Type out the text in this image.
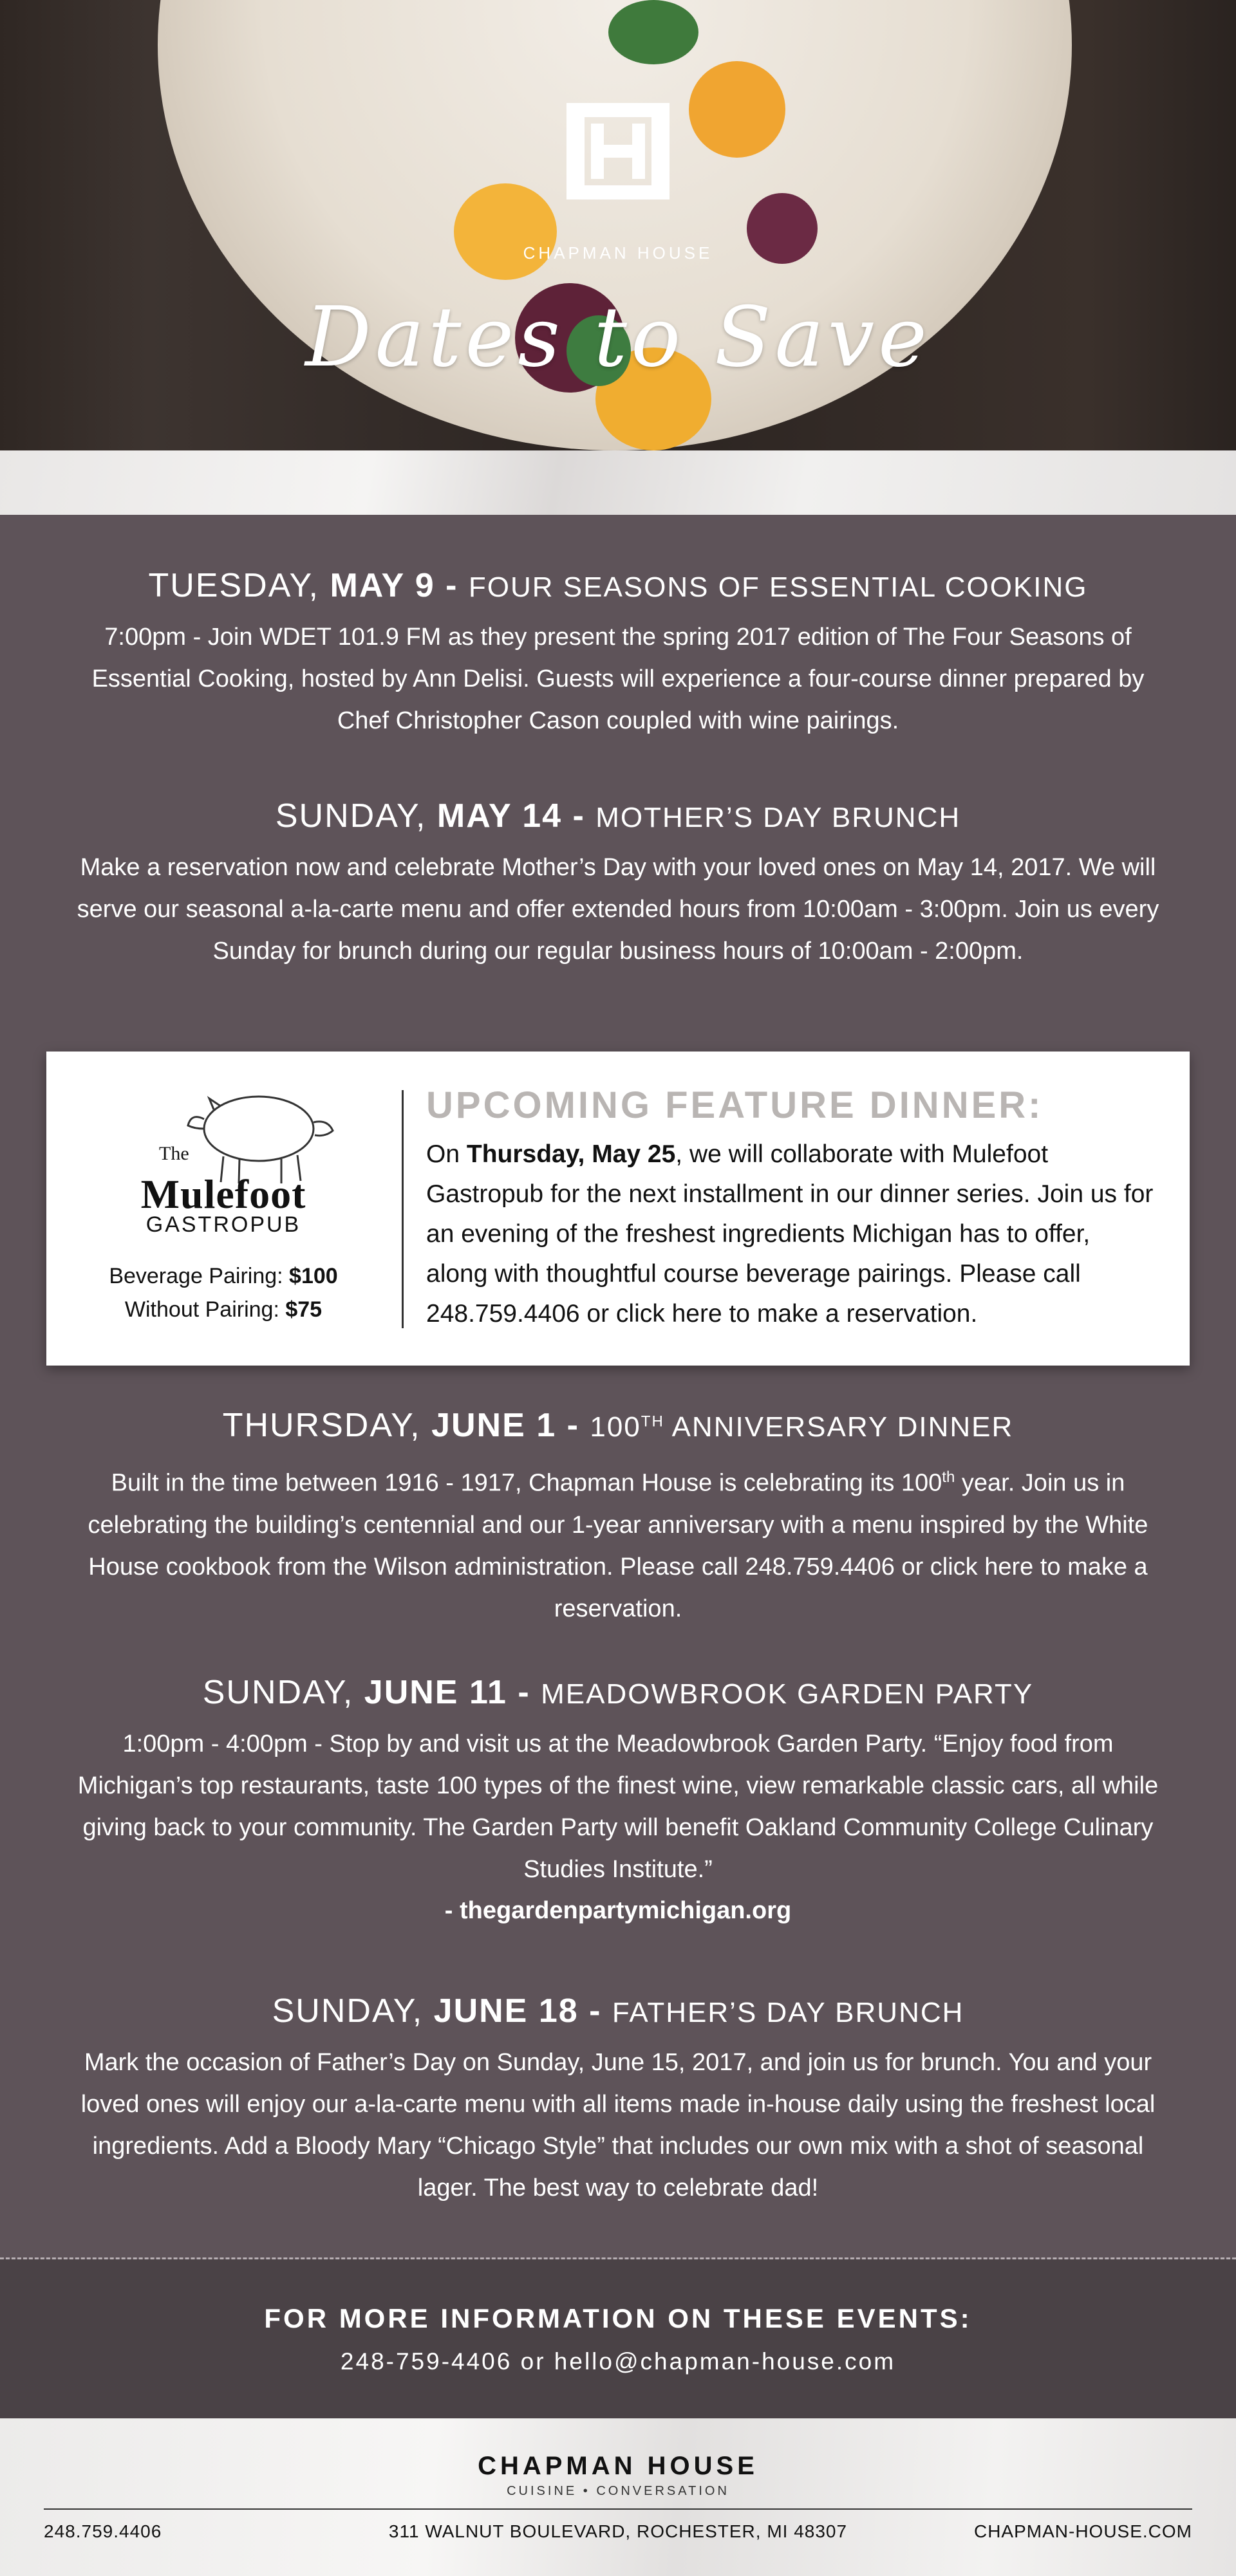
CHAPMAN HOUSE
Dates to Save
TUESDAY, MAY 9 - FOUR SEASONS OF ESSENTIAL COOKING
7:00pm - Join WDET 101.9 FM as they present the spring 2017 edition of The Four Seasons of Essential Cooking, hosted by Ann Delisi. Guests will experience a four-course dinner prepared by Chef Christopher Cason coupled with wine pairings.
SUNDAY, MAY 14 - MOTHER’S DAY BRUNCH
Make a reservation now and celebrate Mother’s Day with your loved ones on May 14, 2017. We will serve our seasonal a-la-carte menu and offer extended hours from 10:00am - 3:00pm. Join us every Sunday for brunch during our regular business hours of 10:00am - 2:00pm.
The
Mulefoot
GASTROPUB
Beverage Pairing: $100
Without Pairing: $75
UPCOMING FEATURE DINNER:
On Thursday, May 25, we will collaborate with Mulefoot Gastropub for the next installment in our dinner series. Join us for an evening of the freshest ingredients Michigan has to offer, along with thoughtful course beverage pairings. Please call 248.759.4406 or click here to make a reservation.
THURSDAY, JUNE 1 - 100TH ANNIVERSARY DINNER
Built in the time between 1916 - 1917, Chapman House is celebrating its 100th year. Join us in celebrating the building’s centennial and our 1-year anniversary with a menu inspired by the White House cookbook from the Wilson administration. Please call 248.759.4406 or click here to make a reservation.
SUNDAY, JUNE 11 - MEADOWBROOK GARDEN PARTY
1:00pm - 4:00pm - Stop by and visit us at the Meadowbrook Garden Party. “Enjoy food from Michigan’s top restaurants, taste 100 types of the finest wine, view remarkable classic cars, all while giving back to your community. The Garden Party will benefit Oakland Community College Culinary Studies Institute.”
- thegardenpartymichigan.org
SUNDAY, JUNE 18 - FATHER’S DAY BRUNCH
Mark the occasion of Father’s Day on Sunday, June 15, 2017, and join us for brunch. You and your loved ones will enjoy our a-la-carte menu with all items made in-house daily using the freshest local ingredients. Add a Bloody Mary “Chicago Style” that includes our own mix with a shot of seasonal lager. The best way to celebrate dad!
FOR MORE INFORMATION ON THESE EVENTS:
248-759-4406 or hello@chapman-house.com
CHAPMAN HOUSE
CUISINE • CONVERSATION
248.759.4406	311 WALNUT BOULEVARD, ROCHESTER, MI 48307	CHAPMAN-HOUSE.COM
